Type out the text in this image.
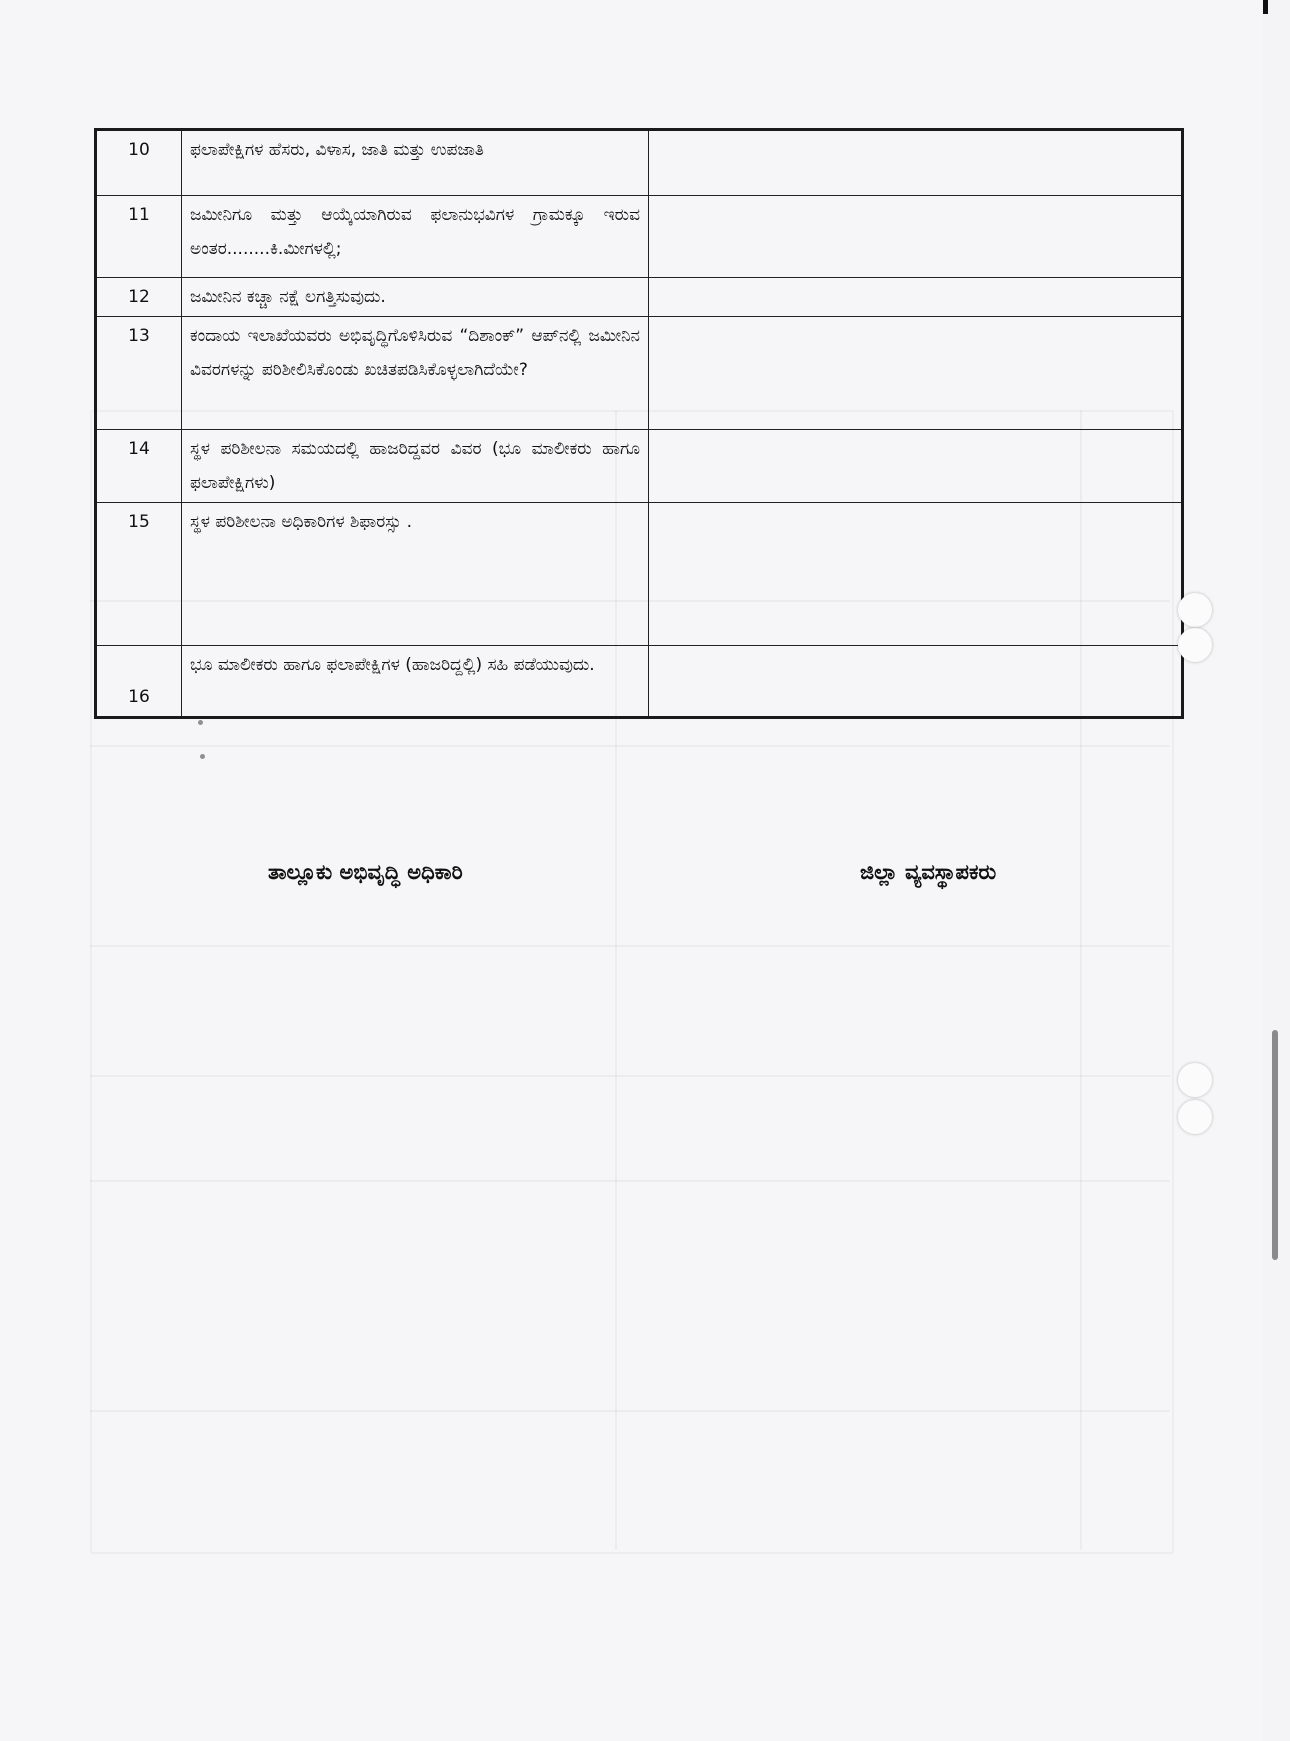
10	ಫಲಾಪೇಕ್ಷಿಗಳ ಹೆಸರು, ವಿಳಾಸ, ಜಾತಿ ಮತ್ತು ಉಪಜಾತಿ	
11	ಜಮೀನಿಗೂ ಮತ್ತು ಆಯ್ಕೆಯಾಗಿರುವ ಫಲಾನುಭವಿಗಳ ಗ್ರಾಮಕ್ಕೂ ಇರುವ ಅಂತರ........ಕಿ.ಮೀಗಳಲ್ಲಿ;	
12	ಜಮೀನಿನ ಕಚ್ಚಾ ನಕ್ಷೆ ಲಗತ್ತಿಸುವುದು.	
13	ಕಂದಾಯ ಇಲಾಖೆಯವರು ಅಭಿವೃದ್ಧಿಗೊಳಿಸಿರುವ “ದಿಶಾಂಕ್” ಆಪ್‌ನಲ್ಲಿ ಜಮೀನಿನ ವಿವರಗಳನ್ನು ಪರಿಶೀಲಿಸಿಕೊಂಡು ಖಚಿತಪಡಿಸಿಕೊಳ್ಳಲಾಗಿದೆಯೇ?	
14	ಸ್ಥಳ ಪರಿಶೀಲನಾ ಸಮಯದಲ್ಲಿ ಹಾಜರಿದ್ದವರ ವಿವರ (ಭೂ ಮಾಲೀಕರು ಹಾಗೂ ಫಲಾಪೇಕ್ಷಿಗಳು)	
15	ಸ್ಥಳ ಪರಿಶೀಲನಾ ಅಧಿಕಾರಿಗಳ ಶಿಫಾರಸ್ಸು .	
16	ಭೂ ಮಾಲೀಕರು ಹಾಗೂ ಫಲಾಪೇಕ್ಷಿಗಳ (ಹಾಜರಿದ್ದಲ್ಲಿ) ಸಹಿ ಪಡೆಯುವುದು.	
ತಾಲ್ಲೂಕು ಅಭಿವೃದ್ಧಿ ಅಧಿಕಾರಿ	ಜಿಲ್ಲಾ ವ್ಯವಸ್ಥಾಪಕರು
